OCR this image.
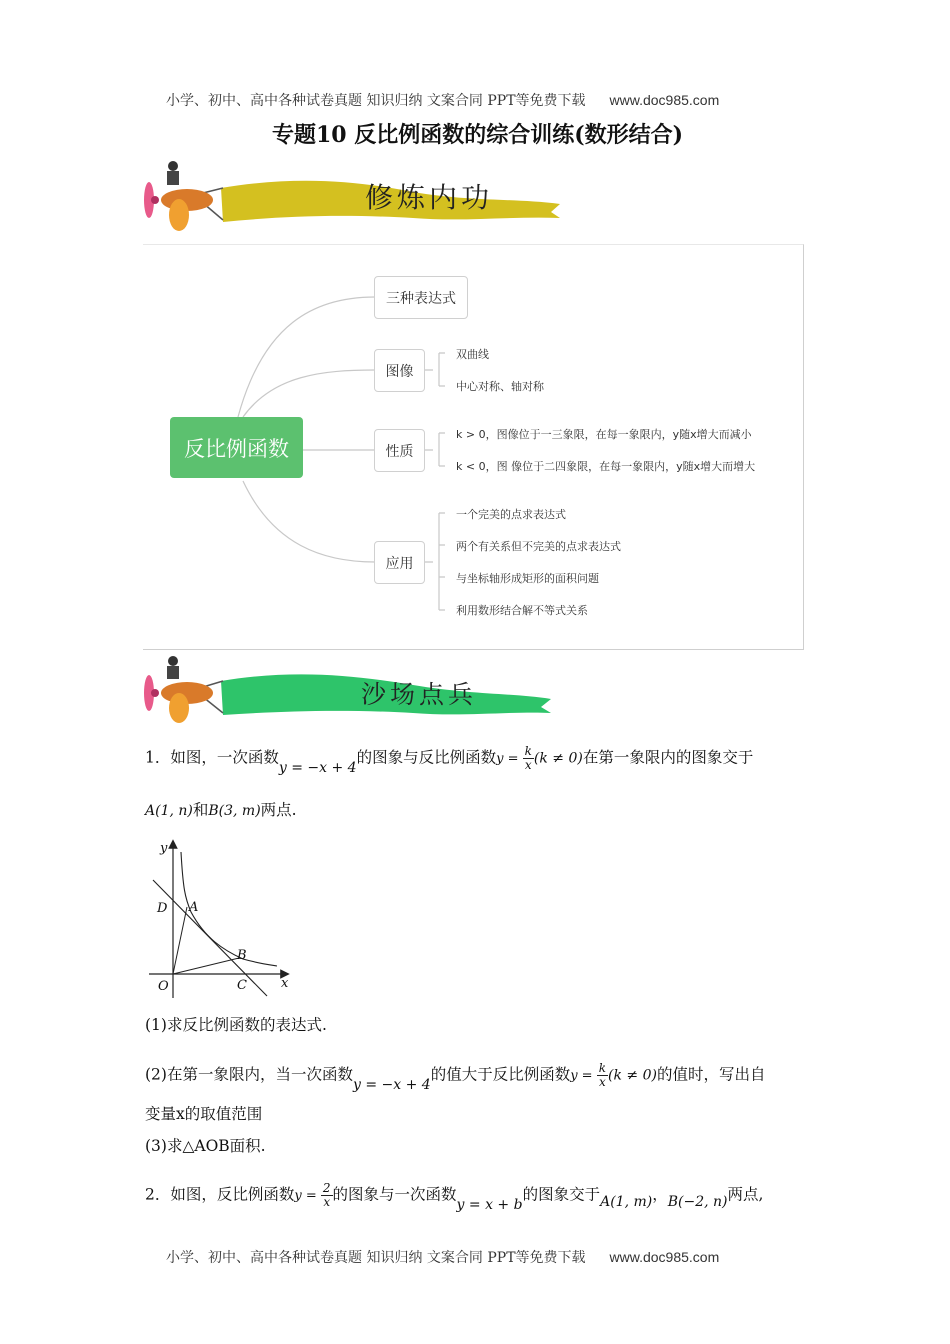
小学、初中、高中各种试卷真题 知识归纳 文案合同 PPT等免费下载 www.doc985.com
专题10 反比例函数的综合训练(数形结合)
修炼内功
反比例函数
三种表达式
图像
性质
应用
双曲线
中心对称、轴对称
k > 0，图像位于一三象限，在每一象限内，y随x增大而减小
k < 0，图 像位于二四象限，在每一象限内，y随x增大而增大
一个完美的点求表达式
两个有关系但不完美的点求表达式
与坐标轴形成矩形的面积问题
利用数形结合解不等式关系
沙场点兵
1．如图，一次函数y = −x + 4的图象与反比例函数$y = \frac{k}{x} (k \ne 0)$在第一象限内的图象交于
A(1, n)和B(3, m)两点.
y
x
O
D A
B
C
(1)求反比例函数的表达式.
(2)在第一象限内，当一次函数y = −x + 4的值大于反比例函数$y = \frac{k}{x} (k \ne 0)$的值时，写出自
变量x的取值范围
(3)求△AOB面积.
2．如图，反比例函数$y = \frac{2}{x}$ 的图象与一次函数y = x + b的图象交于A(1, m)，B(−2, n)两点,
小学、初中、高中各种试卷真题 知识归纳 文案合同 PPT等免费下载 www.doc985.com
